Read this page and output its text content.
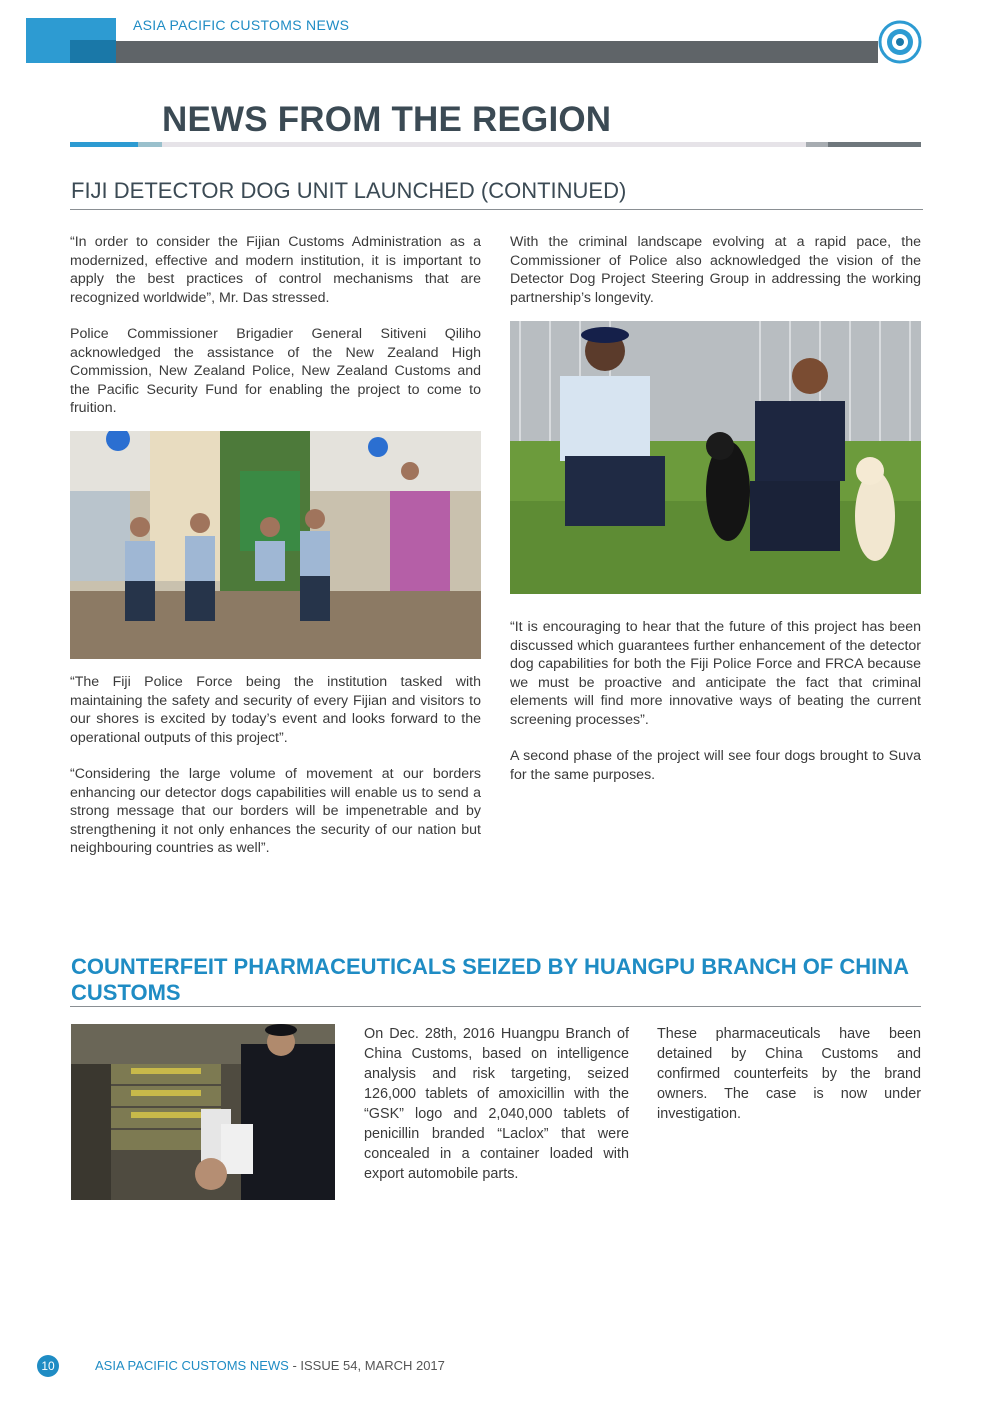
ASIA PACIFIC CUSTOMS NEWS
NEWS FROM THE REGION
FIJI DETECTOR DOG UNIT LAUNCHED (CONTINUED)
“In order to consider the Fijian Customs Administration as a modernized, effective and modern institution, it is important to apply the best practices of control mechanisms that are recognized worldwide”, Mr. Das stressed.
Police Commissioner Brigadier General Sitiveni Qiliho acknowledged the assistance of the New Zealand High Commission, New Zealand Police, New Zealand Customs and the Pacific Security Fund for enabling the project to come to fruition.
“The Fiji Police Force being the institution tasked with maintaining the safety and security of every Fijian and visitors to our shores is excited by today’s event and looks forward to the operational outputs of this project”.
“Considering the large volume of movement at our borders enhancing our detector dogs capabilities will enable us to send a strong message that our borders will be impenetrable and by strengthening it not only enhances the security of our nation but neighbouring countries as well”.
With the criminal landscape evolving at a rapid pace, the Commissioner of Police also acknowledged the vision of the Detector Dog Project Steering Group in addressing the working partnership’s longevity.
“It is encouraging to hear that the future of this project has been discussed which guarantees further enhancement of the detector dog capabilities for both the Fiji Police Force and FRCA because we must be proactive and anticipate the fact that criminal elements will find more innovative ways of beating the current screening processes”.
A second phase of the project will see four dogs brought to Suva for the same purposes.
COUNTERFEIT PHARMACEUTICALS SEIZED BY HUANGPU BRANCH OF CHINA CUSTOMS
On Dec. 28th, 2016 Huangpu Branch of China Customs, based on intelligence analysis and risk targeting, seized 126,000 tablets of amoxicillin with the “GSK” logo and 2,040,000 tablets of penicillin branded “Laclox” that were concealed in a container loaded with export automobile parts.
These pharmaceuticals have been detained by China Customs and confirmed counterfeits by the brand owners. The case is now under investigation.
10	ASIA PACIFIC CUSTOMS NEWS - ISSUE 54, MARCH 2017
